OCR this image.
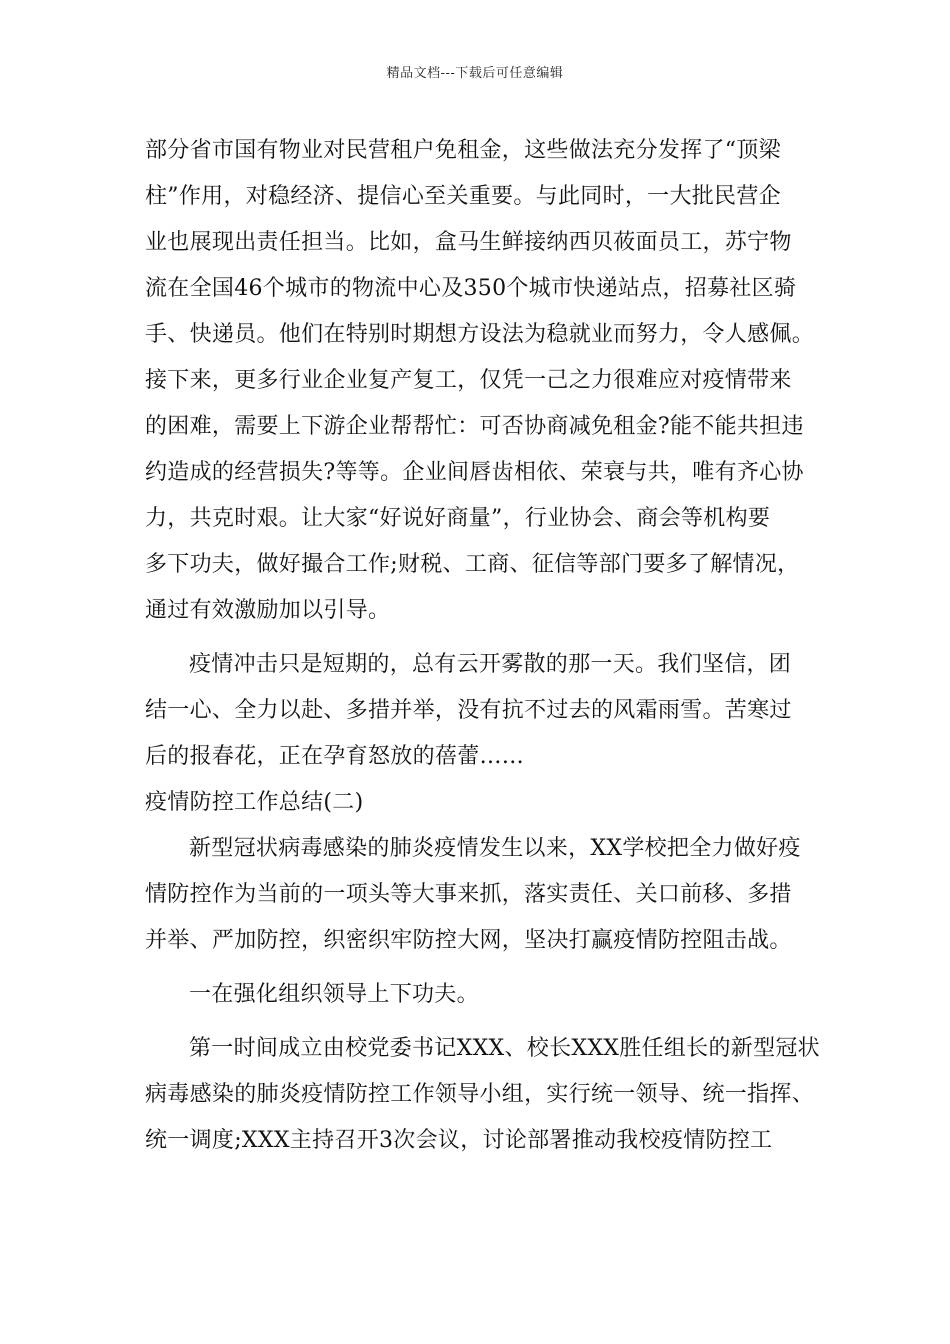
精品文档---下载后可任意编辑
部分省市国有物业对民营租户免租金，这些做法充分发挥了“顶梁
柱”作用，对稳经济、提信心至关重要。与此同时，一大批民营企
业也展现出责任担当。比如，盒马生鲜接纳西贝莜面员工，苏宁物
流在全国46个城市的物流中心及350个城市快递站点，招募社区骑
手、快递员。他们在特别时期想方设法为稳就业而努力，令人感佩。
接下来，更多行业企业复产复工，仅凭一己之力很难应对疫情带来
的困难，需要上下游企业帮帮忙：可否协商减免租金?能不能共担违
约造成的经营损失?等等。企业间唇齿相依、荣衰与共，唯有齐心协
力，共克时艰。让大家“好说好商量”，行业协会、商会等机构要
多下功夫，做好撮合工作;财税、工商、征信等部门要多了解情况，
通过有效激励加以引导。
疫情冲击只是短期的，总有云开雾散的那一天。我们坚信，团
结一心、全力以赴、多措并举，没有抗不过去的风霜雨雪。苦寒过
后的报春花，正在孕育怒放的蓓蕾……
疫情防控工作总结(二)
新型冠状病毒感染的肺炎疫情发生以来，XX学校把全力做好疫
情防控作为当前的一项头等大事来抓，落实责任、关口前移、多措
并举、严加防控，织密织牢防控大网，坚决打赢疫情防控阻击战。
一在强化组织领导上下功夫。
第一时间成立由校党委书记XXX、校长XXX胜任组长的新型冠状
病毒感染的肺炎疫情防控工作领导小组，实行统一领导、统一指挥、
统一调度;XXX主持召开3次会议，讨论部署推动我校疫情防控工
